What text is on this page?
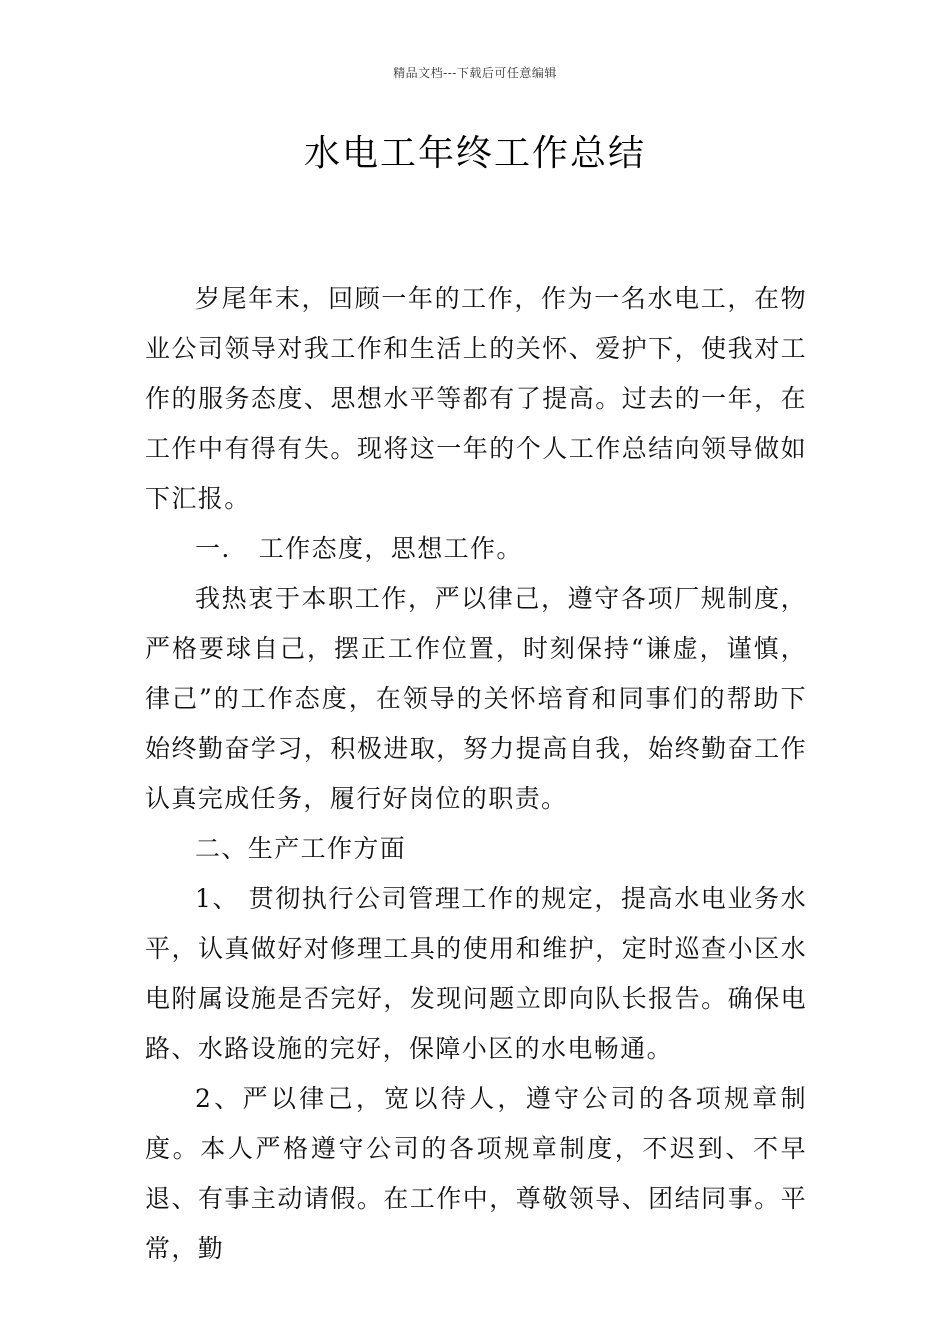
精品文档---下载后可任意编辑
水电工年终工作总结

岁尾年末，回顾一年的工作，作为一名水电工，在物业公司领导对我工作和生活上的关怀、爱护下，使我对工作的服务态度、思想水平等都有了提高。过去的一年，在工作中有得有失。现将这一年的个人工作总结向领导做如下汇报。

一.   工作态度，思想工作。

我热衷于本职工作，严以律己，遵守各项厂规制度，严格要球自己，摆正工作位置，时刻保持“谦虚，谨慎，律己”的工作态度，在领导的关怀培育和同事们的帮助下始终勤奋学习，积极进取，努力提高自我，始终勤奋工作认真完成任务，履行好岗位的职责。

二、生产工作方面

1、 贯彻执行公司管理工作的规定，提高水电业务水平，认真做好对修理工具的使用和维护，定时巡查小区水电附属设施是否完好，发现问题立即向队长报告。确保电路、水路设施的完好，保障小区的水电畅通。

2、严以律己，宽以待人，遵守公司的各项规章制度。本人严格遵守公司的各项规章制度，不迟到、不早退、有事主动请假。在工作中，尊敬领导、团结同事。平常，勤
